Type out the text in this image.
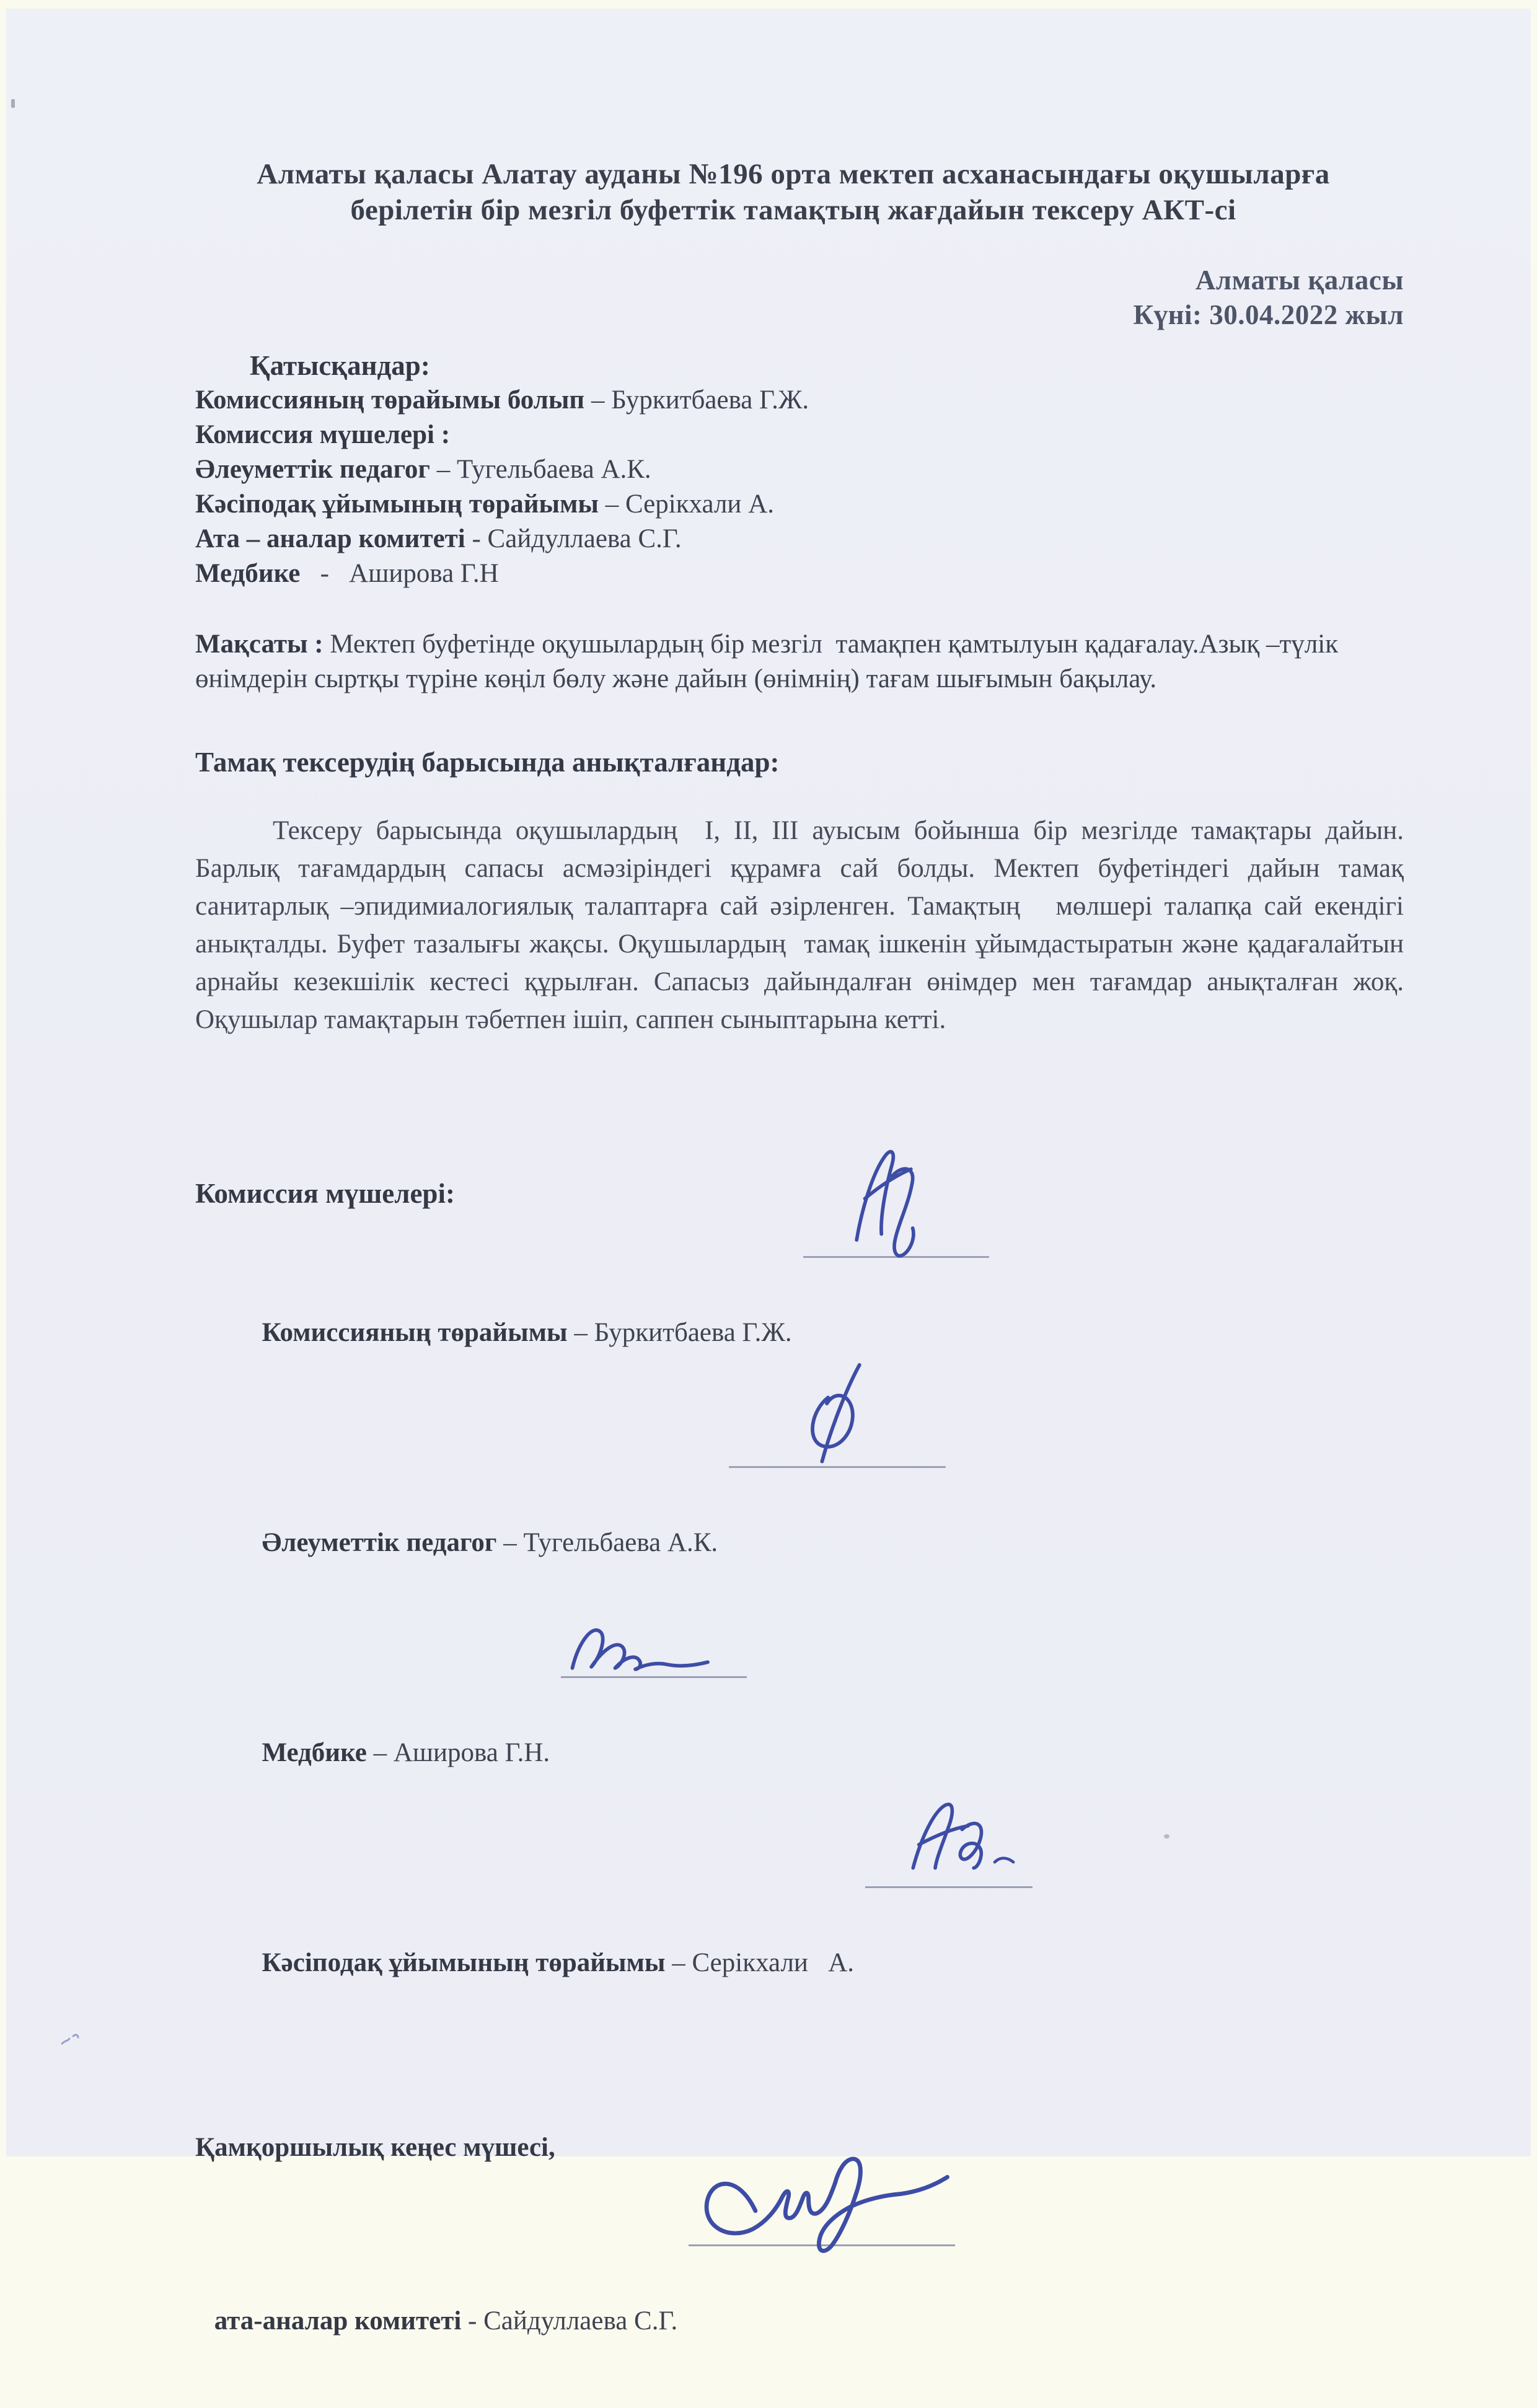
Алматы қаласы Алатау ауданы №196 орта мектеп асханасындағы оқушыларға
берілетін бір мезгіл буфеттік тамақтың жағдайын тексеру АКТ-сі
Алматы қаласы
Күні: 30.04.2022 жыл
Қатысқандар:
Комиссияның төрайымы болып – Буркитбаева Г.Ж.
Комиссия мүшелері :
Әлеуметтік педагог – Тугельбаева А.К.
Кәсіподақ ұйымының төрайымы – Серікхали А.
Ата – аналар комитеті - Сайдуллаева С.Г.
Медбике   -   Аширова Г.Н
Мақсаты : Мектеп буфетінде оқушылардың бір мезгіл  тамақпен қамтылуын қадағалау.Азық –түлік өнімдерін сыртқы түріне көңіл бөлу және дайын (өнімнің) тағам шығымын бақылау.
Тамақ тексерудің барысында анықталғандар:
Тексеру барысында оқушылардың  I, II, III ауысым бойынша бір мезгілде тамақтары дайын.  Барлық тағамдардың сапасы асмәзіріндегі құрамға сай болды. Мектеп буфетіндегі дайын тамақ санитарлық –эпидимиалогиялық талаптарға сай әзірленген. Тамақтың   мөлшері талапқа сай екендігі анықталды. Буфет тазалығы жақсы. Оқушылардың  тамақ ішкенін ұйымдастыратын және қадағалайтын арнайы кезекшілік кестесі құрылған. Сапасыз дайындалған өнімдер мен тағамдар анықталған жоқ. Оқушылар тамақтарын тәбетпен ішіп, саппен сыныптарына кетті.
Комиссия мүшелері:

Комиссияның төрайымы – Буркитбаева Г.Ж.

Әлеуметтік педагог – Тугельбаева А.К.

Медбике – Аширова Г.Н.

Кәсіподақ ұйымының төрайымы – Серікхали   А.

Қамқоршылық кеңес мүшесі,

ата-аналар комитеті - Сайдуллаева С.Г.
